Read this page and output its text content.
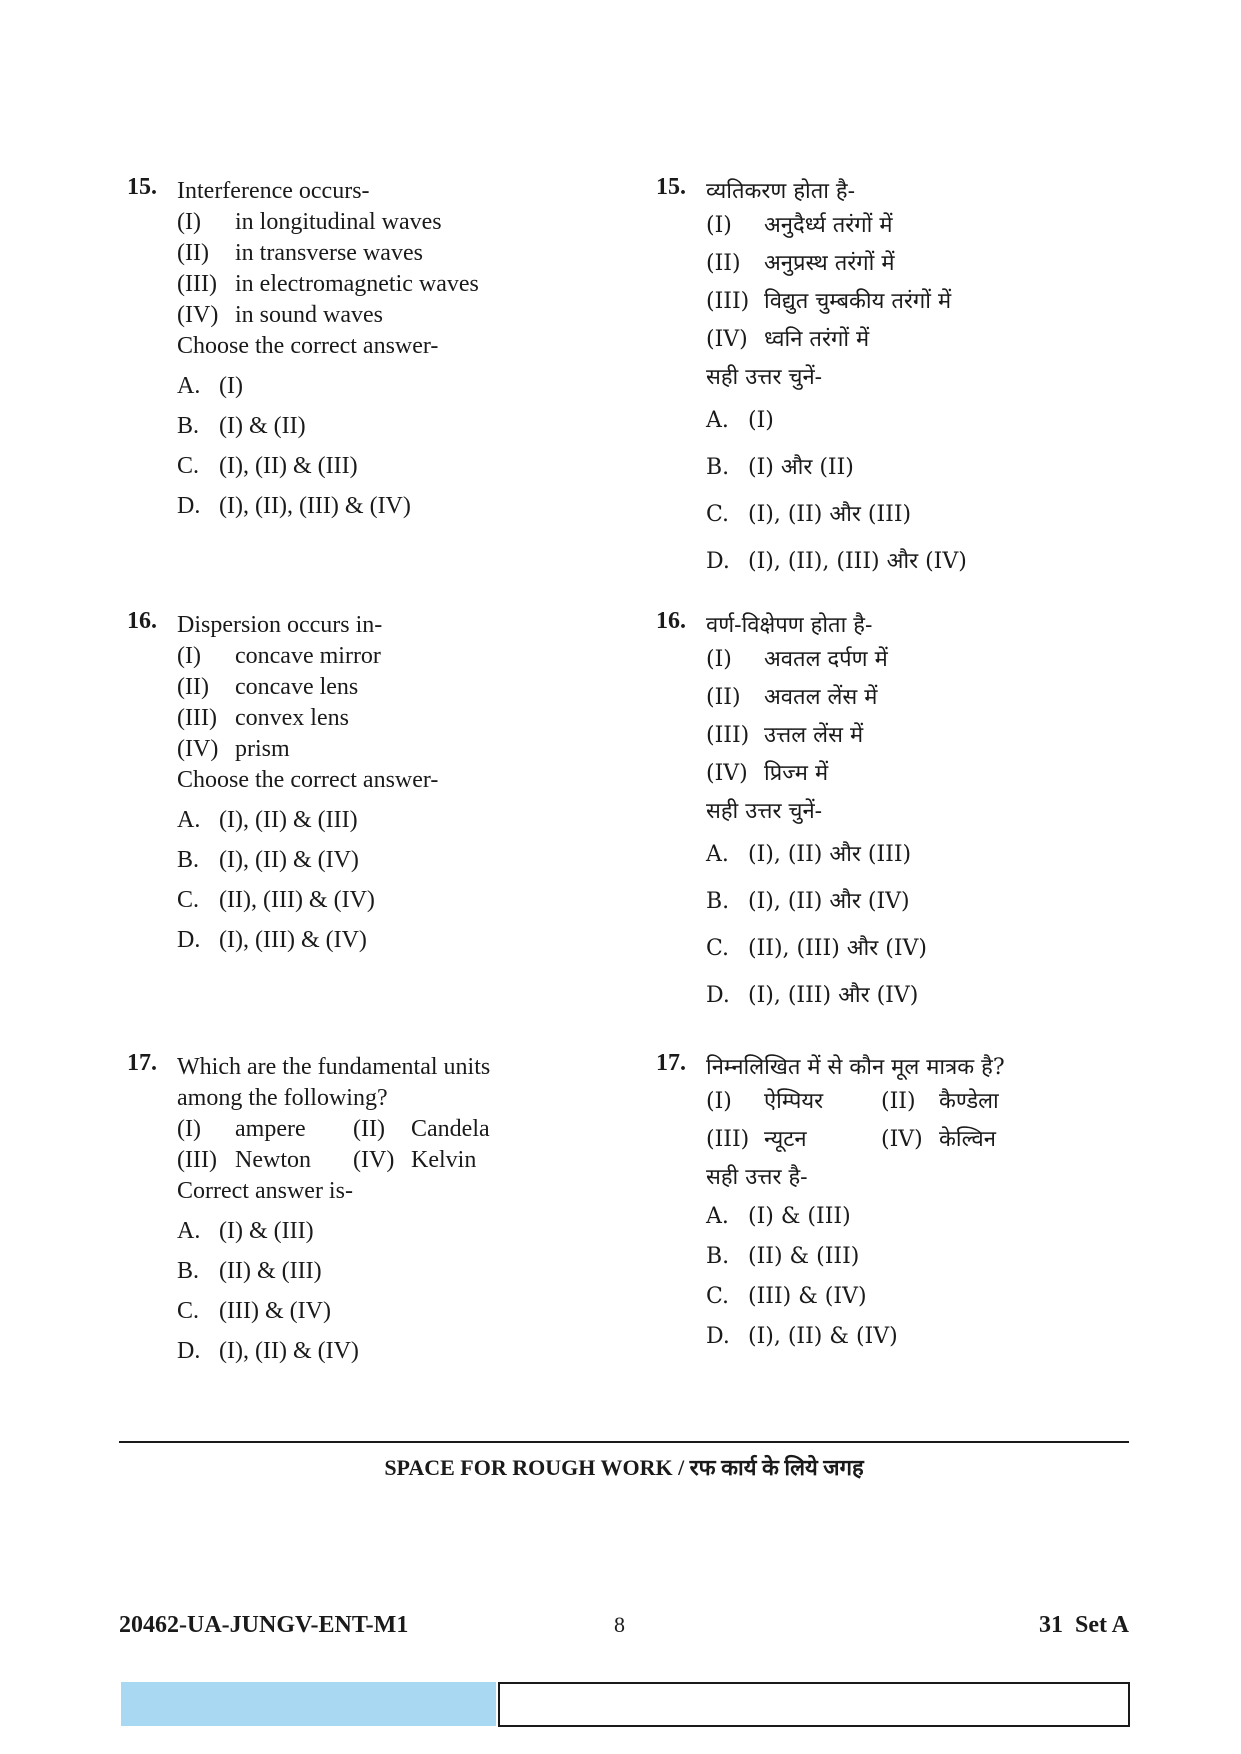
15. Interference occurs-
(I) in longitudinal waves
(II) in transverse waves
(III) in electromagnetic waves
(IV) in sound waves
Choose the correct answer-
A. (I)
B. (I) & (II)
C. (I), (II) & (III)
D. (I), (II), (III) & (IV)
15. व्यतिकरण होता है-
(I) अनुदैर्ध्य तरंगों में
(II) अनुप्रस्थ तरंगों में
(III) विद्युत चुम्बकीय तरंगों में
(IV) ध्वनि तरंगों में
सही उत्तर चुनें-
A. (I)
B. (I) और (II)
C. (I), (II) और (III)
D. (I), (II), (III) और (IV)
16. Dispersion occurs in-
(I) concave mirror
(II) concave lens
(III) convex lens
(IV) prism
Choose the correct answer-
A. (I), (II) & (III)
B. (I), (II) & (IV)
C. (II), (III) & (IV)
D. (I), (III) & (IV)
16. वर्ण-विक्षेपण होता है-
(I) अवतल दर्पण में
(II) अवतल लेंस में
(III) उत्तल लेंस में
(IV) प्रिज्म में
सही उत्तर चुनें-
A. (I), (II) और (III)
B. (I), (II) और (IV)
C. (II), (III) और (IV)
D. (I), (III) और (IV)
17. Which are the fundamental units
among the following?
(I) ampere (II) Candela
(III) Newton (IV) Kelvin
Correct answer is-
A. (I) & (III)
B. (II) & (III)
C. (III) & (IV)
D. (I), (II) & (IV)
17. निम्नलिखित में से कौन मूल मात्रक है?
(I) ऐम्पियर	(II) कैण्डेला
(III) न्यूटन	(IV) केल्विन
सही उत्तर है-
A. (I) & (III)
B. (II) & (III)
C. (III) & (IV)
D. (I), (II) & (IV)
SPACE FOR ROUGH WORK / रफ कार्य के लिये जगह
20462-UA-JUNGV-ENT-M1	8	31  Set A
